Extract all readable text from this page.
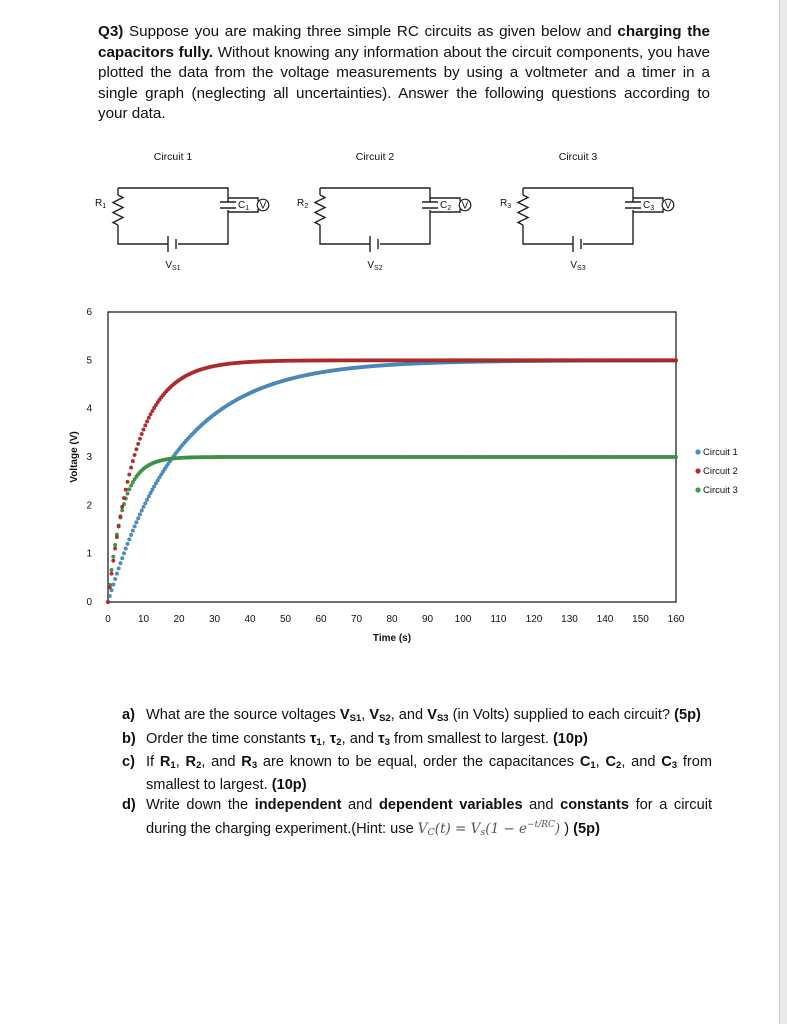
Q3) Suppose you are making three simple RC circuits as given below and charging the capacitors fully. Without knowing any information about the circuit components, you have plotted the data from the voltage measurements by using a voltmeter and a timer in a single graph (neglecting all uncertainties). Answer the following questions according to your data.
Circuit 1
V
$R_1$	$C_1$
$V_{S1}$
Circuit 2
V
$R_2$	$C_2$
$V_{S2}$
Circuit 3
V
$R_3$	$C_3$
$V_{S3}$
0	10 20 30 40 50 60 70 80 90 100 110 120 130 140 150 160
0
1
2
3
4
5
6
Time (s)
Voltage (V)	Circuit 1
Circuit 2
Circuit 3
a) What are the source voltages $V_{S1}$, $V_{S2}$, and $V_{S3}$ (in Volts) supplied to each circuit? (5p)
b) Order the time constants $\tau_1$, $\tau_2$, and $\tau_3$ from smallest to largest. (10p)
c) If $R_1$, $R_2$, and $R_3$ are known to be equal, order the capacitances $C_1$, $C_2$, and $C_3$ from smallest to largest. (10p)
d) Write down the independent and dependent variables and constants for a circuit during the charging experiment.(Hint: use $V_C(t) = V_s(1 - e^{-t/RC})$ ) (5p)
